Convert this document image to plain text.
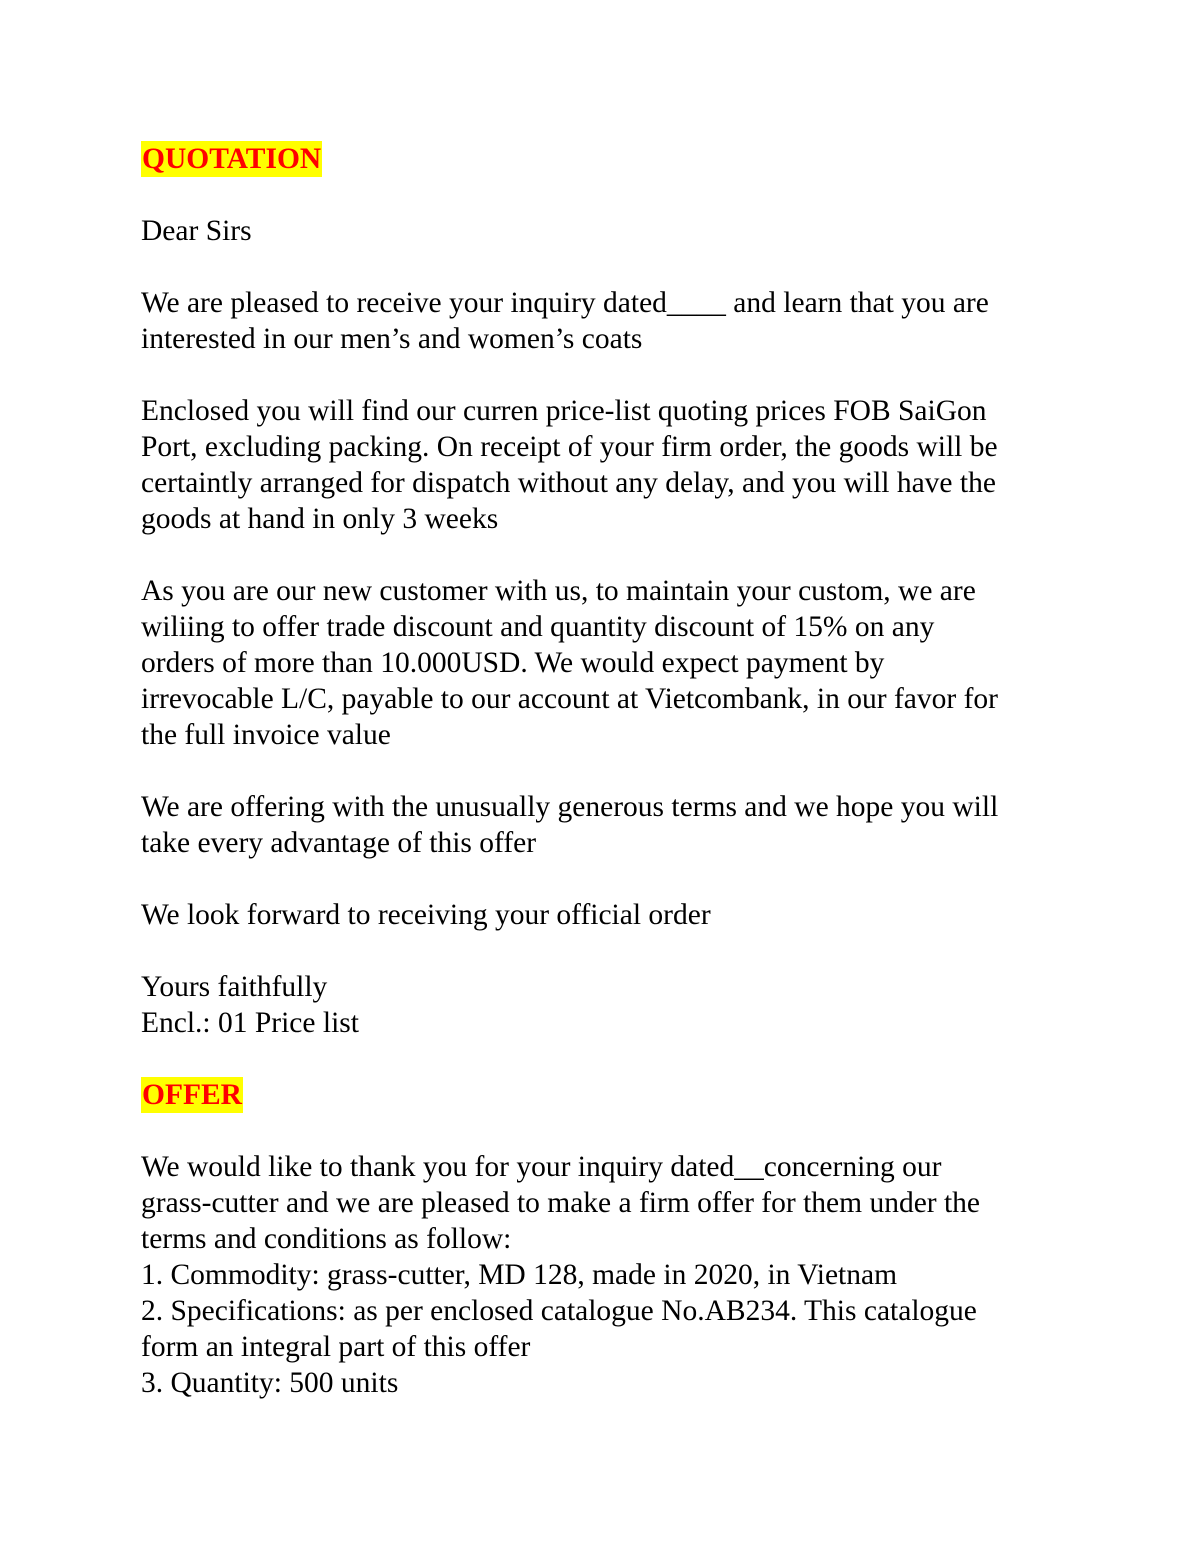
QUOTATION

Dear Sirs

We are pleased to receive your inquiry dated____ and learn that you are
interested in our men’s and women’s coats

Enclosed you will find our curren price-list quoting prices FOB SaiGon
Port, excluding packing. On receipt of your firm order, the goods will be
certaintly arranged for dispatch without any delay, and you will have the
goods at hand in only 3 weeks

As you are our new customer with us, to maintain your custom, we are
wiliing to offer trade discount and quantity discount of 15% on any
orders of more than 10.000USD. We would expect payment by
irrevocable L/C, payable to our account at Vietcombank, in our favor for
the full invoice value

We are offering with the unusually generous terms and we hope you will
take every advantage of this offer

We look forward to receiving your official order

Yours faithfully

Encl.: 01 Price list

OFFER

We would like to thank you for your inquiry dated__concerning our
grass-cutter and we are pleased to make a firm offer for them under the
terms and conditions as follow:

1. Commodity: grass-cutter, MD 128, made in 2020, in Vietnam
2. Specifications: as per enclosed catalogue No.AB234. This catalogue
form an integral part of this offer
3. Quantity: 500 units
